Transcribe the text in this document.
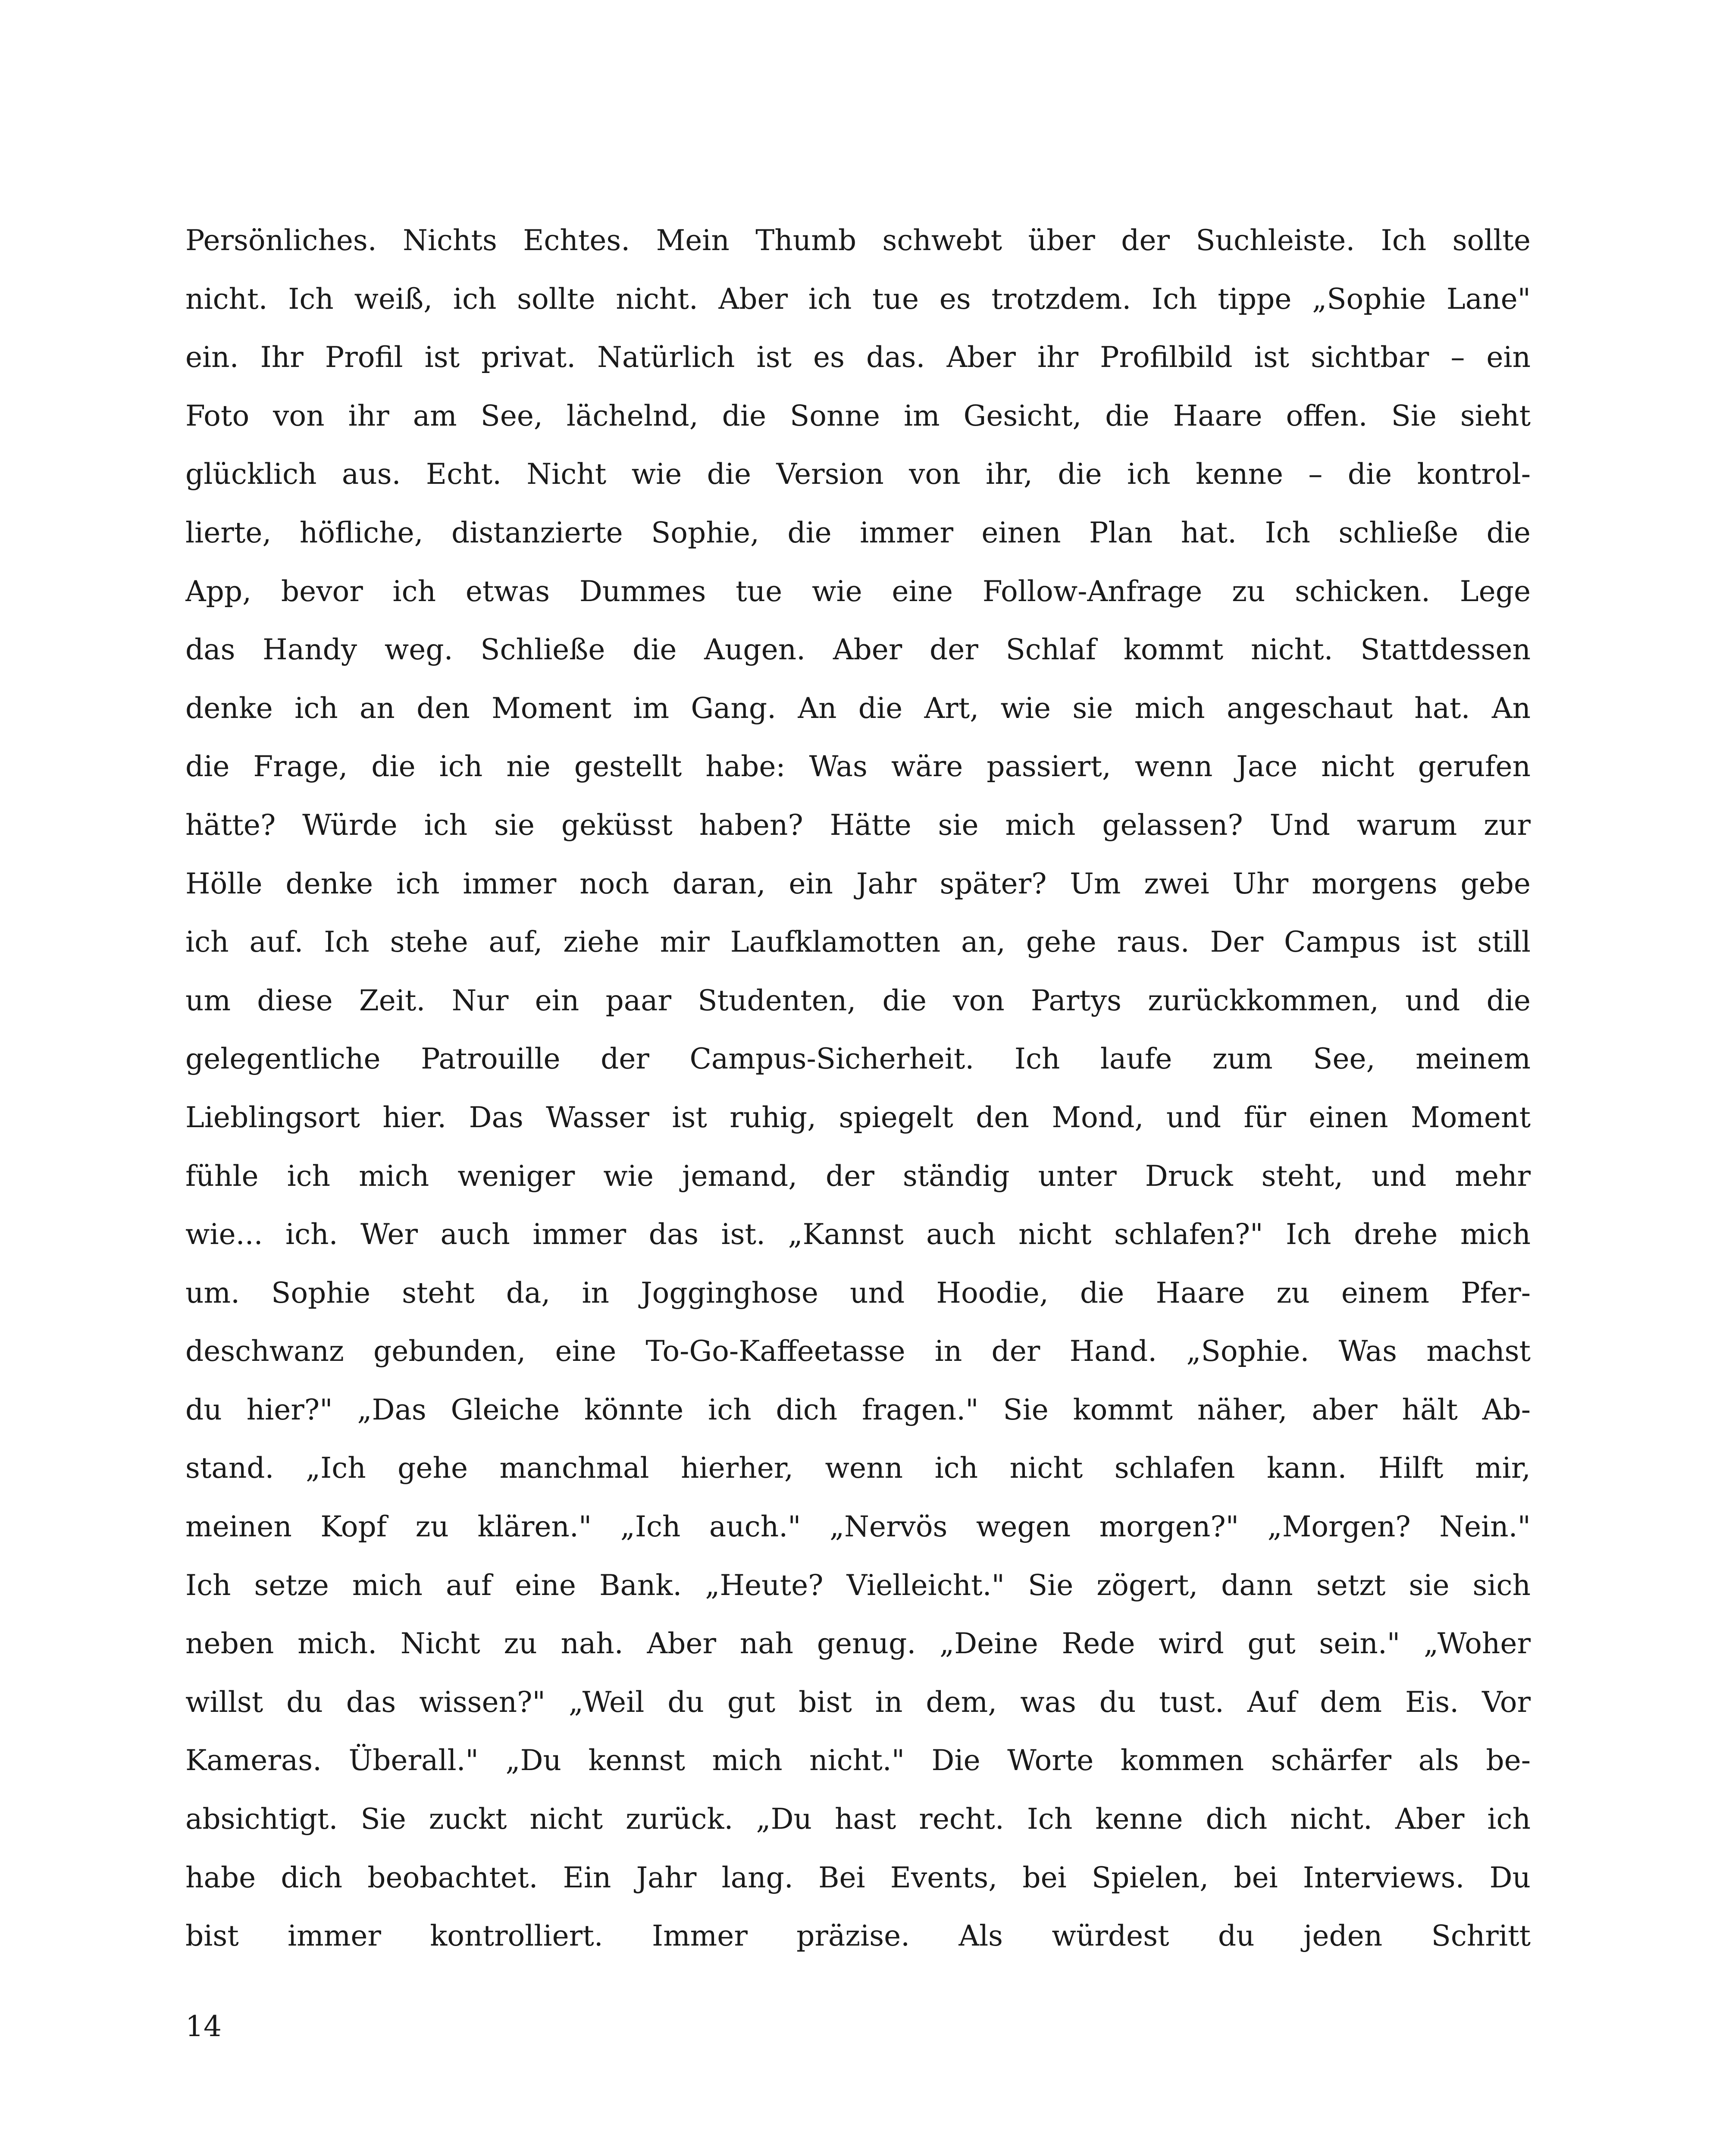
Persönliches. Nichts Echtes. Mein Thumb schwebt über der Suchleiste. Ich sollte
nicht. Ich weiß, ich sollte nicht. Aber ich tue es trotzdem. Ich tippe „Sophie Lane"
ein. Ihr Profil ist privat. Natürlich ist es das. Aber ihr Profilbild ist sichtbar – ein
Foto von ihr am See, lächelnd, die Sonne im Gesicht, die Haare offen. Sie sieht
glücklich aus. Echt. Nicht wie die Version von ihr, die ich kenne – die kontrol-
lierte, höfliche, distanzierte Sophie, die immer einen Plan hat. Ich schließe die
App, bevor ich etwas Dummes tue wie eine Follow-Anfrage zu schicken. Lege
das Handy weg. Schließe die Augen. Aber der Schlaf kommt nicht. Stattdessen
denke ich an den Moment im Gang. An die Art, wie sie mich angeschaut hat. An
die Frage, die ich nie gestellt habe: Was wäre passiert, wenn Jace nicht gerufen
hätte? Würde ich sie geküsst haben? Hätte sie mich gelassen? Und warum zur
Hölle denke ich immer noch daran, ein Jahr später? Um zwei Uhr morgens gebe
ich auf. Ich stehe auf, ziehe mir Laufklamotten an, gehe raus. Der Campus ist still
um diese Zeit. Nur ein paar Studenten, die von Partys zurückkommen, und die
gelegentliche Patrouille der Campus-Sicherheit. Ich laufe zum See, meinem
Lieblingsort hier. Das Wasser ist ruhig, spiegelt den Mond, und für einen Moment
fühle ich mich weniger wie jemand, der ständig unter Druck steht, und mehr
wie... ich. Wer auch immer das ist. „Kannst auch nicht schlafen?" Ich drehe mich
um. Sophie steht da, in Jogginghose und Hoodie, die Haare zu einem Pfer-
deschwanz gebunden, eine To-Go-Kaffeetasse in der Hand. „Sophie. Was machst
du hier?" „Das Gleiche könnte ich dich fragen." Sie kommt näher, aber hält Ab-
stand. „Ich gehe manchmal hierher, wenn ich nicht schlafen kann. Hilft mir,
meinen Kopf zu klären." „Ich auch." „Nervös wegen morgen?" „Morgen? Nein."
Ich setze mich auf eine Bank. „Heute? Vielleicht." Sie zögert, dann setzt sie sich
neben mich. Nicht zu nah. Aber nah genug. „Deine Rede wird gut sein." „Woher
willst du das wissen?" „Weil du gut bist in dem, was du tust. Auf dem Eis. Vor
Kameras. Überall." „Du kennst mich nicht." Die Worte kommen schärfer als be-
absichtigt. Sie zuckt nicht zurück. „Du hast recht. Ich kenne dich nicht. Aber ich
habe dich beobachtet. Ein Jahr lang. Bei Events, bei Spielen, bei Interviews. Du
bist immer kontrolliert. Immer präzise. Als würdest du jeden Schritt

14
